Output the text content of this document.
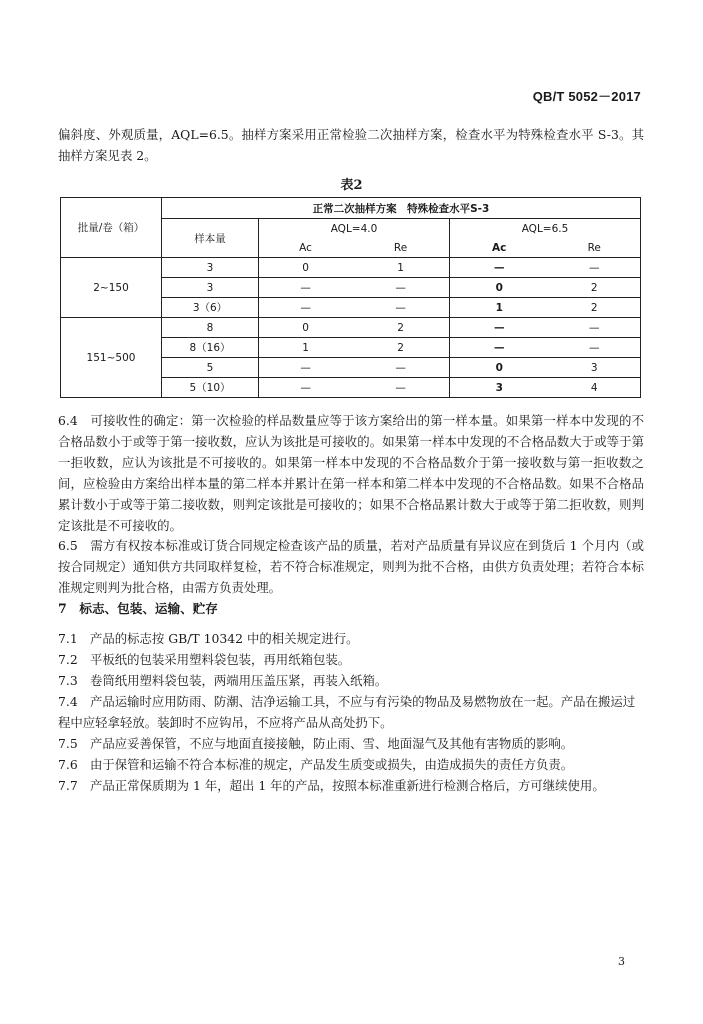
QB/T 5052－2017
偏斜度、外观质量，AQL=6.5。抽样方案采用正常检验二次抽样方案，检查水平为特殊检查水平 S-3。其抽样方案见表 2。
表2
批量/卷（箱）	正常二次抽样方案　特殊检查水平S-3				
	样本量	AQL=4.0		AQL=6.5	
		Ac	Re	Ac	Re
2~150	3	0	1	—	—
	3	—	—	0	2
	3（6）	—	—	1	2
151~500	8	0	2	—	—
	8（16）	1	2	—	—
	5	—	—	0	3
	5（10）	—	—	3	4
6.4　可接收性的确定：第一次检验的样品数量应等于该方案给出的第一样本量。如果第一样本中发现的不合格品数小于或等于第一接收数，应认为该批是可接收的。如果第一样本中发现的不合格品数大于或等于第一拒收数，应认为该批是不可接收的。如果第一样本中发现的不合格品数介于第一接收数与第一拒收数之间，应检验由方案给出样本量的第二样本并累计在第一样本和第二样本中发现的不合格品数。如果不合格品累计数小于或等于第二接收数，则判定该批是可接收的；如果不合格品累计数大于或等于第二拒收数，则判定该批是不可接收的。
6.5　需方有权按本标准或订货合同规定检查该产品的质量，若对产品质量有异议应在到货后 1 个月内（或按合同规定）通知供方共同取样复检，若不符合标准规定，则判为批不合格，由供方负责处理；若符合本标准规定则判为批合格，由需方负责处理。
7　标志、包装、运输、贮存
7.1 产品的标志按 GB/T 10342 中的相关规定进行。
7.2 平板纸的包装采用塑料袋包装，再用纸箱包装。
7.3 卷筒纸用塑料袋包装，两端用压盖压紧，再装入纸箱。
7.4 产品运输时应用防雨、防潮、洁净运输工具，不应与有污染的物品及易燃物放在一起。产品在搬运过程中应轻拿轻放。装卸时不应钩吊，不应将产品从高处扔下。
7.5 产品应妥善保管，不应与地面直接接触，防止雨、雪、地面湿气及其他有害物质的影响。
7.6 由于保管和运输不符合本标准的规定，产品发生质变或损失，由造成损失的责任方负责。
7.7 产品正常保质期为 1 年，超出 1 年的产品，按照本标准重新进行检测合格后，方可继续使用。
3
